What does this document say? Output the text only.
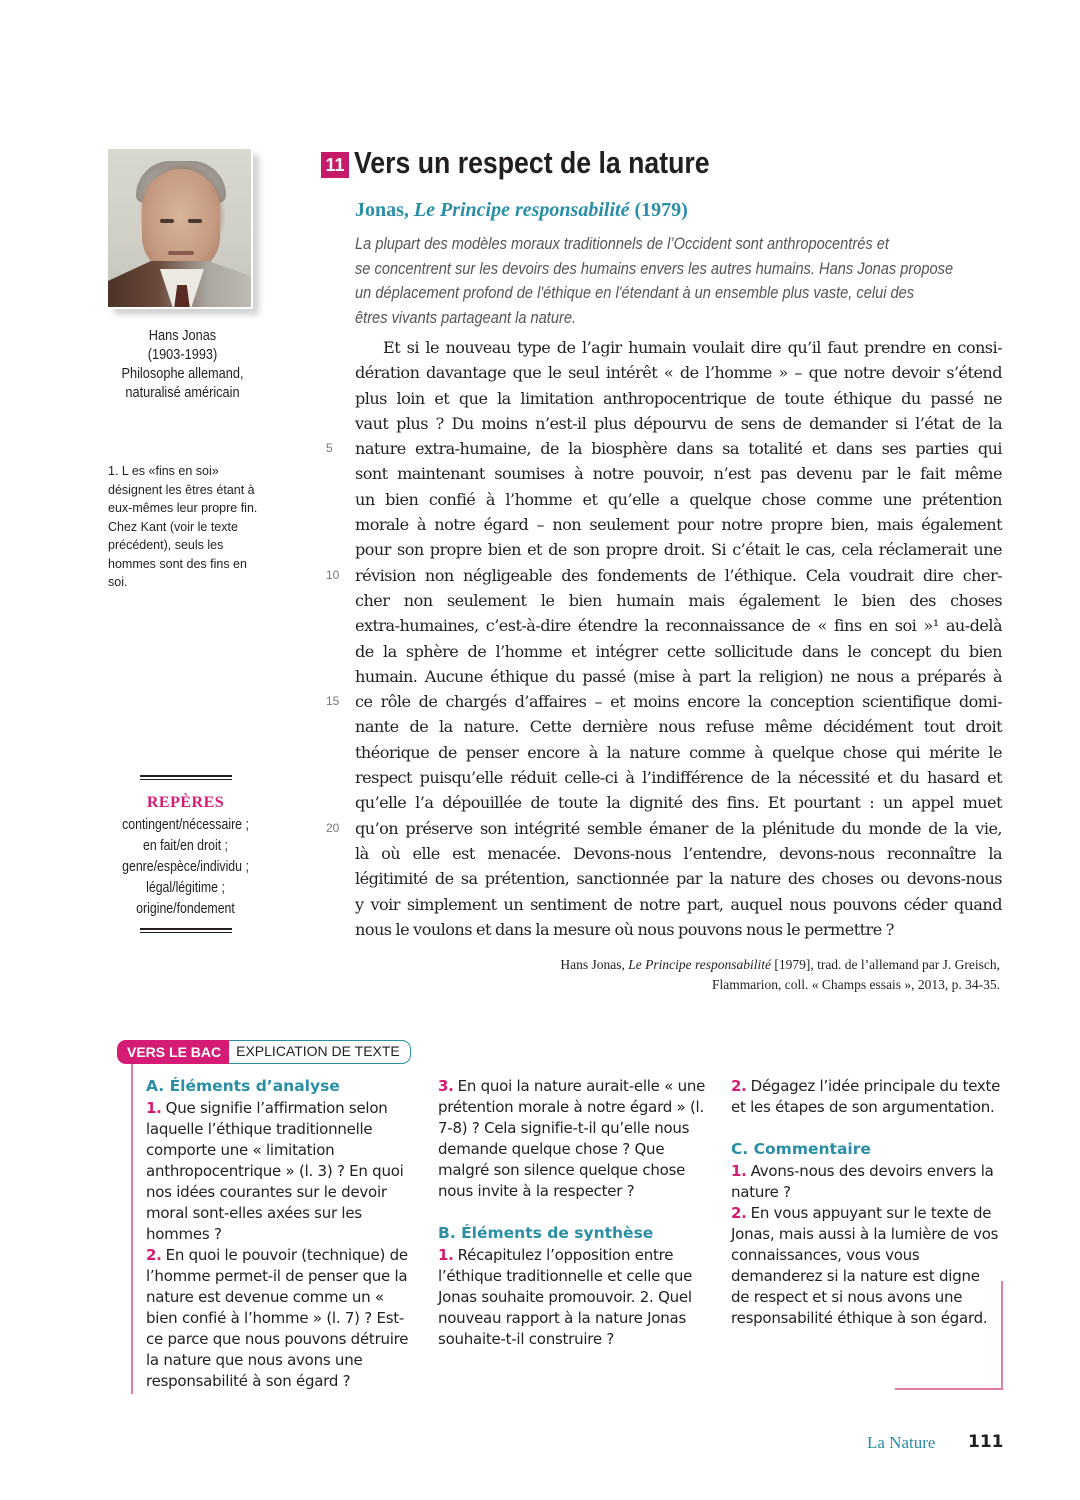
Hans Jonas
(1903-1993)
Philosophe allemand,
naturalisé américain
1. L es «fins en soi» désignent les êtres étant à eux-mêmes leur propre fin. Chez Kant (voir le texte précédent), seuls les hommes sont des fins en soi.
REPÈRES
contingent/nécessaire ;
en fait/en droit ;
genre/espèce/individu ;
légal/légitime ;
origine/fondement
11 Vers un respect de la nature
Jonas, Le Principe responsabilité (1979)
La plupart des modèles moraux traditionnels de l’Occident sont anthropocentrés et
se concentrent sur les devoirs des humains envers les autres humains. Hans Jonas propose
un déplacement profond de l'éthique en l'étendant à un ensemble plus vaste, celui des
êtres vivants partageant la nature.
5
10
15
20
Et si le nouveau type de l’agir humain voulait dire qu’il faut prendre en consi-
dération davantage que le seul intérêt « de l’homme » – que notre devoir s’étend
plus loin et que la limitation anthropocentrique de toute éthique du passé ne
vaut plus ? Du moins n’est-il plus dépourvu de sens de demander si l’état de la
nature extra-humaine, de la biosphère dans sa totalité et dans ses parties qui
sont maintenant soumises à notre pouvoir, n’est pas devenu par le fait même
un bien confié à l’homme et qu’elle a quelque chose comme une prétention
morale à notre égard – non seulement pour notre propre bien, mais également
pour son propre bien et de son propre droit. Si c’était le cas, cela réclamerait une
révision non négligeable des fondements de l’éthique. Cela voudrait dire cher-
cher non seulement le bien humain mais également le bien des choses
extra-humaines, c’est-à-dire étendre la reconnaissance de « fins en soi »¹ au-delà
de la sphère de l’homme et intégrer cette sollicitude dans le concept du bien
humain. Aucune éthique du passé (mise à part la religion) ne nous a préparés à
ce rôle de chargés d’affaires – et moins encore la conception scientifique domi-
nante de la nature. Cette dernière nous refuse même décidément tout droit
théorique de penser encore à la nature comme à quelque chose qui mérite le
respect puisqu’elle réduit celle-ci à l’indifférence de la nécessité et du hasard et
qu’elle l’a dépouillée de toute la dignité des fins. Et pourtant : un appel muet
qu’on préserve son intégrité semble émaner de la plénitude du monde de la vie,
là où elle est menacée. Devons-nous l’entendre, devons-nous reconnaître la
légitimité de sa prétention, sanctionnée par la nature des choses ou devons-nous
y voir simplement un sentiment de notre part, auquel nous pouvons céder quand
nous le voulons et dans la mesure où nous pouvons nous le permettre ?
Hans Jonas, Le Principe responsabilité [1979], trad. de l’allemand par J. Greisch,
Flammarion, coll. « Champs essais », 2013, p. 34-35.
VERS LE BAC	EXPLICATION DE TEXTE
A. Éléments d’analyse
1. Que signifie l’affirmation selon laquelle l’éthique traditionnelle comporte une « limitation anthropocentrique » (l. 3) ? En quoi nos idées courantes sur le devoir moral sont-elles axées sur les hommes ?
2. En quoi le pouvoir (technique) de l’homme permet-il de penser que la nature est devenue comme un « bien confié à l’homme » (l. 7) ? Est-ce parce que nous pouvons détruire la nature que nous avons une responsabilité à son égard ?
3. En quoi la nature aurait-elle « une prétention morale à notre égard » (l. 7-8) ? Cela signifie-t-il qu’elle nous demande quelque chose ? Que malgré son silence quelque chose nous invite à la respecter ?
B. Éléments de synthèse
1. Récapitulez l’opposition entre l’éthique traditionnelle et celle que Jonas souhaite promouvoir. 2. Quel nouveau rapport à la nature Jonas souhaite-t-il construire ?
2. Dégagez l’idée principale du texte et les étapes de son argumentation.
C. Commentaire
1. Avons-nous des devoirs envers la nature ?
2. En vous appuyant sur le texte de Jonas, mais aussi à la lumière de vos connaissances, vous vous demanderez si la nature est digne de respect et si nous avons une responsabilité éthique à son égard.
La Nature 111
